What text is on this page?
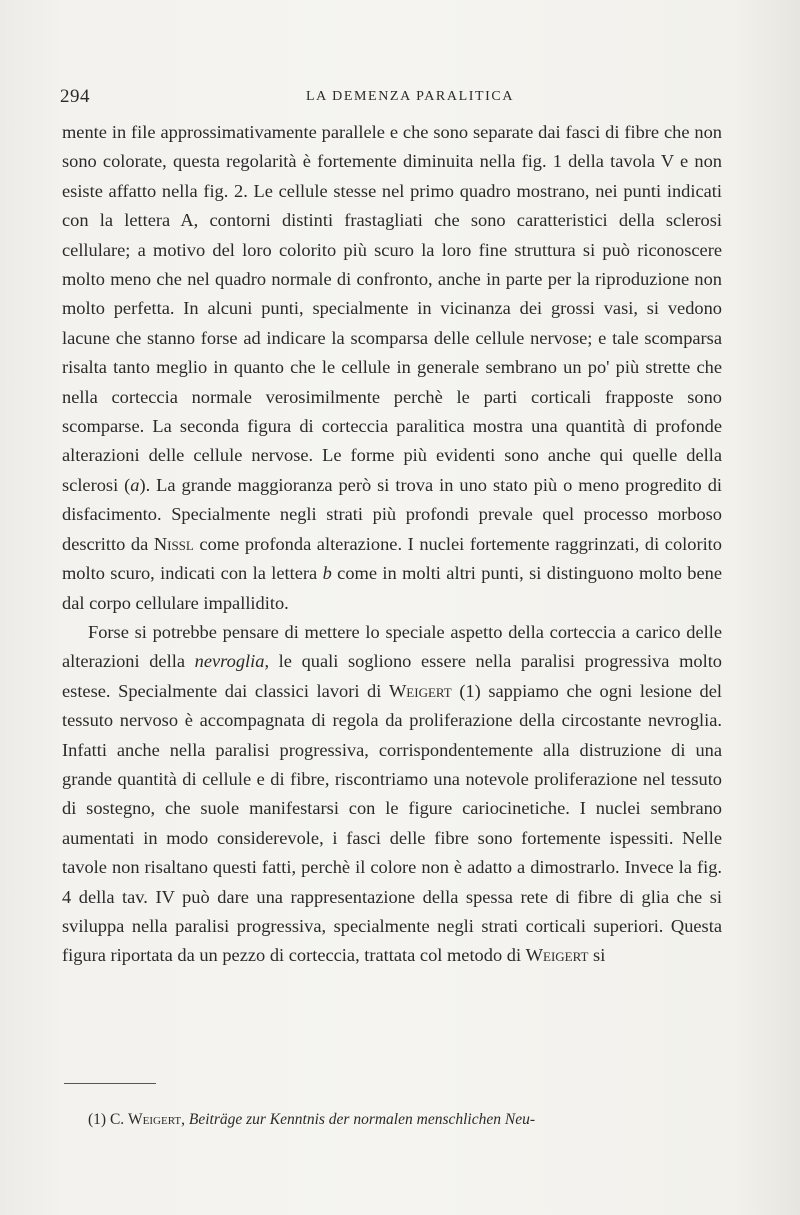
294	LA DEMENZA PARALITICA

mente in file approssimativamente parallele e che sono separate dai fasci di fibre che non sono colorate, questa regolarità è fortemente diminuita nella fig. 1 della tavola V e non esiste affatto nella fig. 2. Le cellule stesse nel primo quadro mostrano, nei punti indicati con la lettera A, contorni distinti frastagliati che sono caratteristici della sclerosi cellulare; a motivo del loro colorito più scuro la loro fine struttura si può riconoscere molto meno che nel quadro normale di confronto, anche in parte per la riproduzione non molto perfetta. In alcuni punti, specialmente in vicinanza dei grossi vasi, si vedono lacune che stanno forse ad indicare la scomparsa delle cellule nervose; e tale scomparsa risalta tanto meglio in quanto che le cellule in generale sembrano un po' più strette che nella corteccia normale verosimilmente perchè le parti corticali frapposte sono scomparse. La seconda figura di corteccia paralitica mostra una quantità di profonde alterazioni delle cellule nervose. Le forme più evidenti sono anche qui quelle della sclerosi (a). La grande maggioranza però si trova in uno stato più o meno progredito di disfacimento. Specialmente negli strati più profondi prevale quel processo morboso descritto da Nissl come profonda alterazione. I nuclei fortemente raggrinzati, di colorito molto scuro, indicati con la lettera b come in molti altri punti, si distinguono molto bene dal corpo cellulare impallidito.

Forse si potrebbe pensare di mettere lo speciale aspetto della corteccia a carico delle alterazioni della nevroglia, le quali sogliono essere nella paralisi progressiva molto estese. Specialmente dai classici lavori di Weigert (1) sappiamo che ogni lesione del tessuto nervoso è accompagnata di regola da proliferazione della circostante nevroglia. Infatti anche nella paralisi progressiva, corrispondentemente alla distruzione di una grande quantità di cellule e di fibre, riscontriamo una notevole proliferazione nel tessuto di sostegno, che suole manifestarsi con le figure cariocinetiche. I nuclei sembrano aumentati in modo considerevole, i fasci delle fibre sono fortemente ispessiti. Nelle tavole non risaltano questi fatti, perchè il colore non è adatto a dimostrarlo. Invece la fig. 4 della tav. IV può dare una rappresentazione della spessa rete di fibre di glia che si sviluppa nella paralisi progressiva, specialmente negli strati corticali superiori. Questa figura riportata da un pezzo di corteccia, trattata col metodo di Weigert si

(1) C. Weigert, Beiträge zur Kenntnis der normalen menschlichen Neu-
